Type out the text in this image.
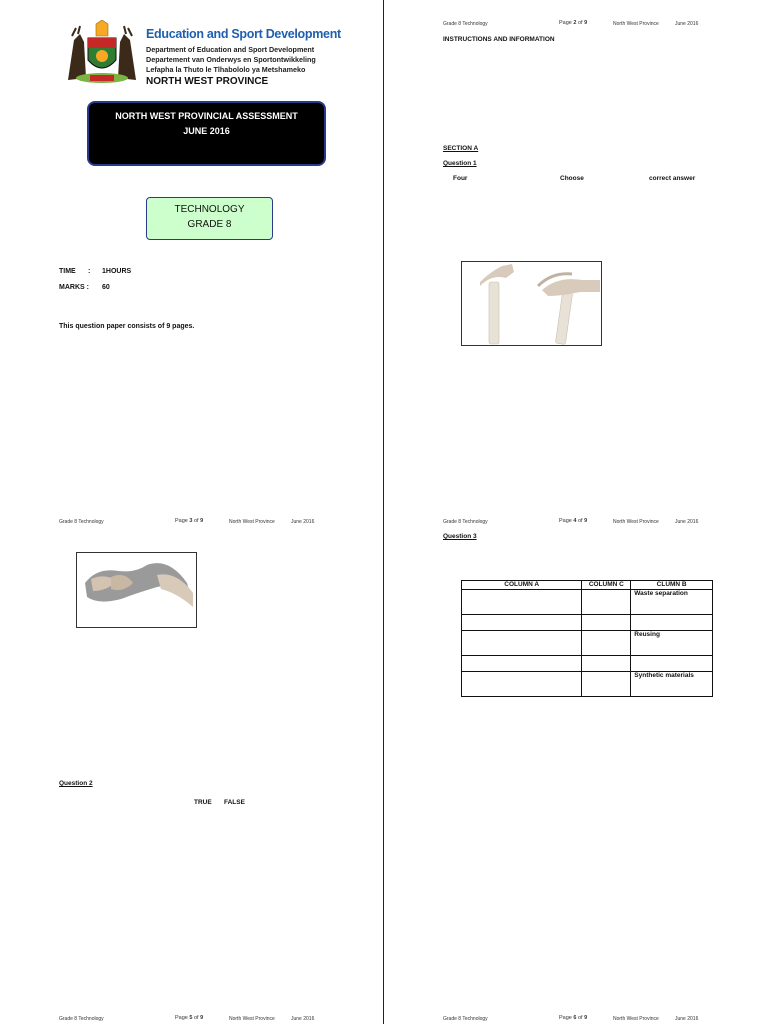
Education and Sport Development
Department of Education and Sport Development
Departement van Onderwys en Sportontwikkeling
Lefapha la Thuto le Tlhabololo ya Metshameko
NORTH WEST PROVINCE
NORTH WEST PROVINCIAL ASSESSMENT
JUNE 2016
TECHNOLOGY
GRADE 8
TIME : 1HOURS
MARKS : 60
This question paper consists of 9 pages.
Grade 8 Technology	Page 2 of 9	North West Province	June 2016
INSTRUCTIONS AND INFORMATION
SECTION A
Question 1
Four	Choose	correct answer
Grade 8 Technology	Page 3 of 9	North West Province	June 2016
Question 2
TRUE FALSE
Grade 8 Technology	Page 4 of 9	North West Province	June 2016
Question 3
COLUMN A	COLUMN C	CLUMN B
		Waste separation

		Reusing

		Synthetic materials
Grade 8 Technology	Page 5 of 9	North West Province	June 2016	Grade 8 Technology	Page 6 of 9	North West Province	June 2016
